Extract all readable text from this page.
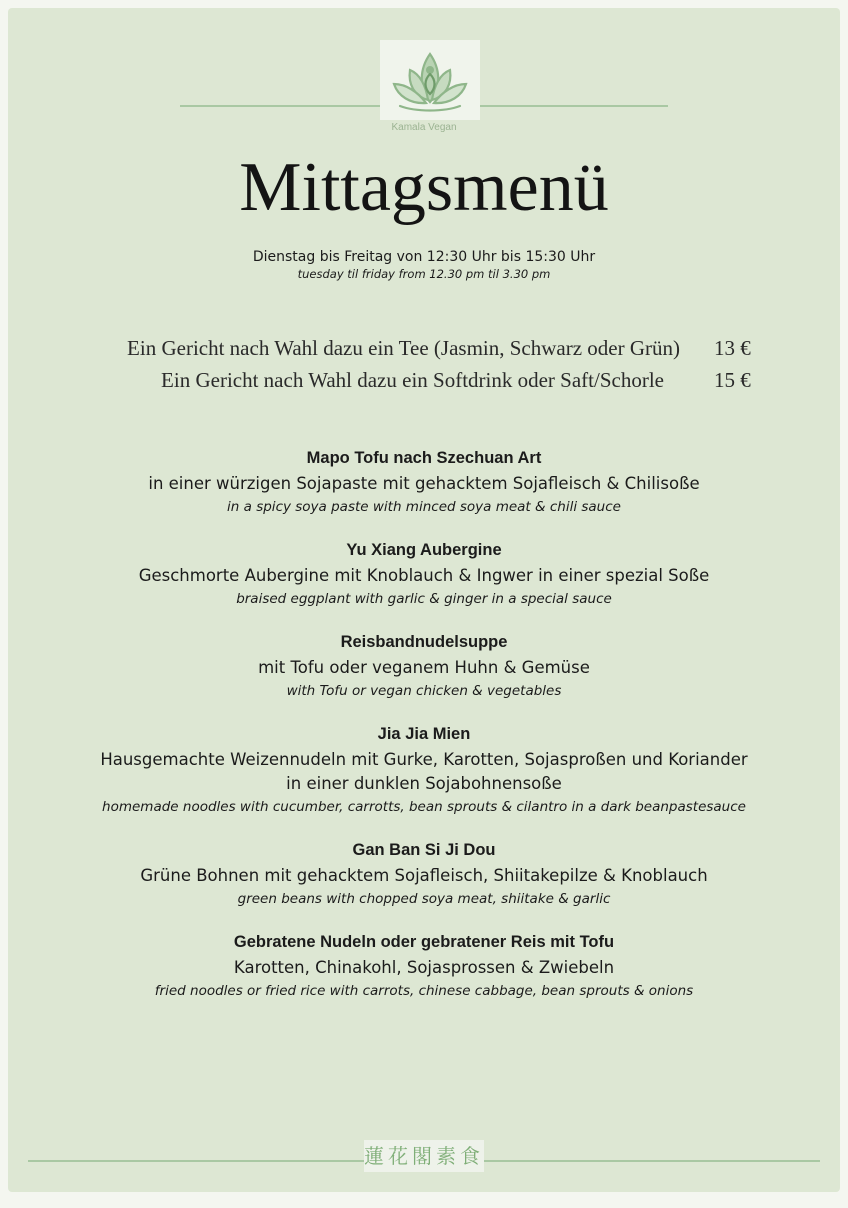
Kamala Vegan
Mittagsmenü
Dienstag bis Freitag von 12:30 Uhr bis 15:30 Uhr
tuesday til friday from 12.30 pm til 3.30 pm
Ein Gericht nach Wahl dazu ein Tee (Jasmin, Schwarz oder Grün) 13 €
Ein Gericht nach Wahl dazu ein Softdrink oder Saft/Schorle 15 €
Mapo Tofu nach Szechuan Art
in einer würzigen Sojapaste mit gehacktem Sojafleisch & Chilisoße
in a spicy soya paste with minced soya meat & chili sauce
Yu Xiang Aubergine
Geschmorte Aubergine mit Knoblauch & Ingwer in einer spezial Soße
braised eggplant with garlic & ginger in a special sauce
Reisbandnudelsuppe
mit Tofu oder veganem Huhn & Gemüse
with Tofu or vegan chicken & vegetables
Jia Jia Mien
Hausgemachte Weizennudeln mit Gurke, Karotten, Sojasproßen und Koriander
in einer dunklen Sojabohnensoße
homemade noodles with cucumber, carrotts, bean sprouts & cilantro in a dark beanpastesauce
Gan Ban Si Ji Dou
Grüne Bohnen mit gehacktem Sojafleisch, Shiitakepilze & Knoblauch
green beans with chopped soya meat, shiitake & garlic
Gebratene Nudeln oder gebratener Reis mit Tofu
Karotten, Chinakohl, Sojasprossen & Zwiebeln
fried noodles or fried rice with carrots, chinese cabbage, bean sprouts & onions
蓮花閣素食
